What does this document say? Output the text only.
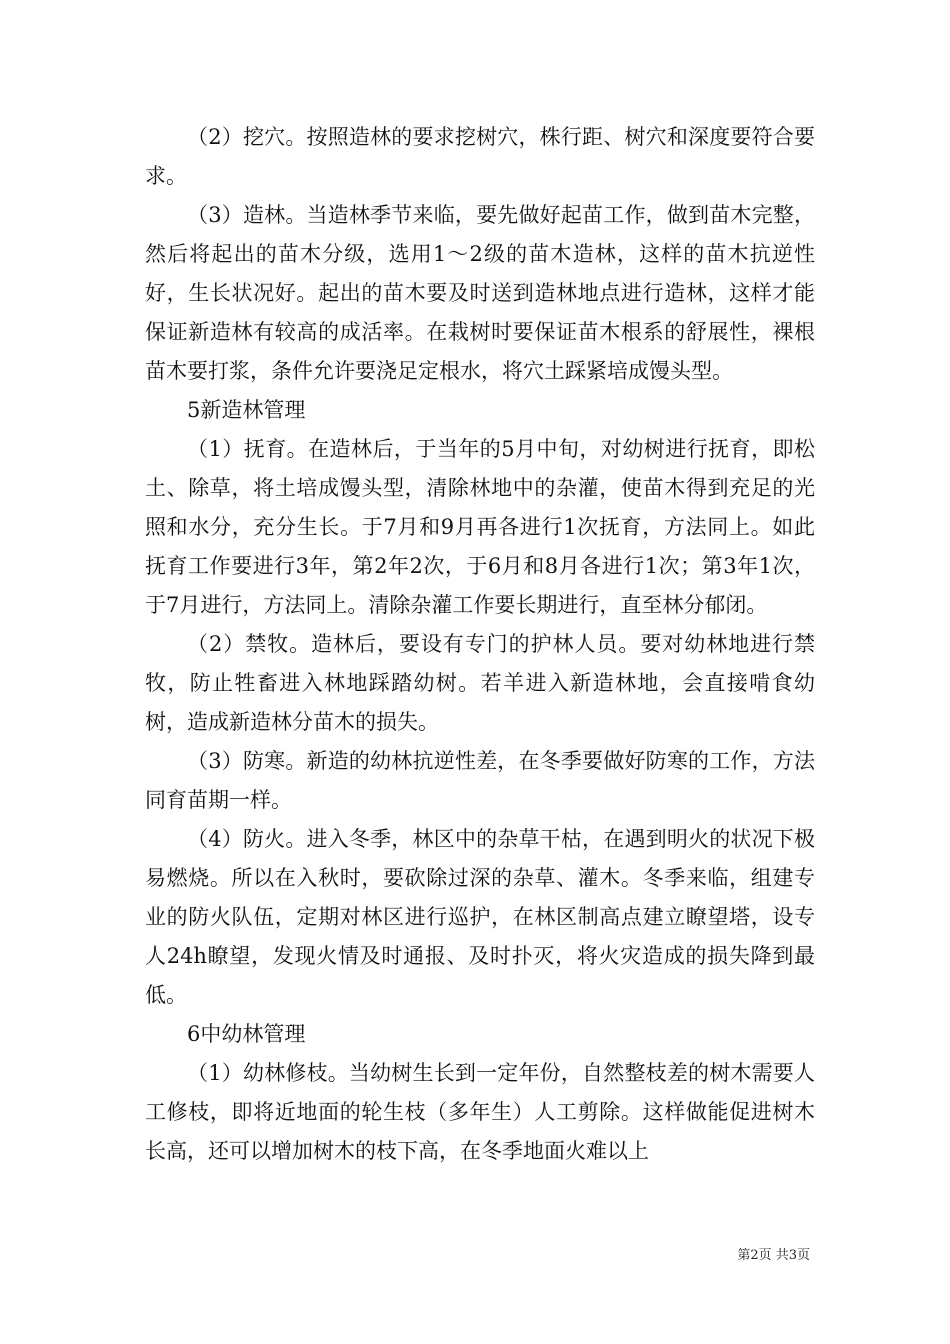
（2）挖穴。按照造林的要求挖树穴，株行距、树穴和深度要符合要求。

（3）造林。当造林季节来临，要先做好起苗工作，做到苗木完整，然后将起出的苗木分级，选用1～2级的苗木造林，这样的苗木抗逆性好，生长状况好。起出的苗木要及时送到造林地点进行造林，这样才能保证新造林有较高的成活率。在栽树时要保证苗木根系的舒展性，裸根苗木要打浆，条件允许要浇足定根水，将穴土踩紧培成馒头型。

5新造林管理

（1）抚育。在造林后，于当年的5月中旬，对幼树进行抚育，即松土、除草，将土培成馒头型，清除林地中的杂灌，使苗木得到充足的光照和水分，充分生长。于7月和9月再各进行1次抚育，方法同上。如此抚育工作要进行3年，第2年2次，于6月和8月各进行1次；第3年1次，于7月进行，方法同上。清除杂灌工作要长期进行，直至林分郁闭。

（2）禁牧。造林后，要设有专门的护林人员。要对幼林地进行禁牧，防止牲畜进入林地踩踏幼树。若羊进入新造林地，会直接啃食幼树，造成新造林分苗木的损失。

（3）防寒。新造的幼林抗逆性差，在冬季要做好防寒的工作，方法同育苗期一样。

（4）防火。进入冬季，林区中的杂草干枯，在遇到明火的状况下极易燃烧。所以在入秋时，要砍除过深的杂草、灌木。冬季来临，组建专业的防火队伍，定期对林区进行巡护，在林区制高点建立瞭望塔，设专人24h瞭望，发现火情及时通报、及时扑灭，将火灾造成的损失降到最低。

6中幼林管理

（1）幼林修枝。当幼树生长到一定年份，自然整枝差的树木需要人工修枝，即将近地面的轮生枝（多年生）人工剪除。这样做能促进树木长高，还可以增加树木的枝下高，在冬季地面火难以上

第2页 共3页
